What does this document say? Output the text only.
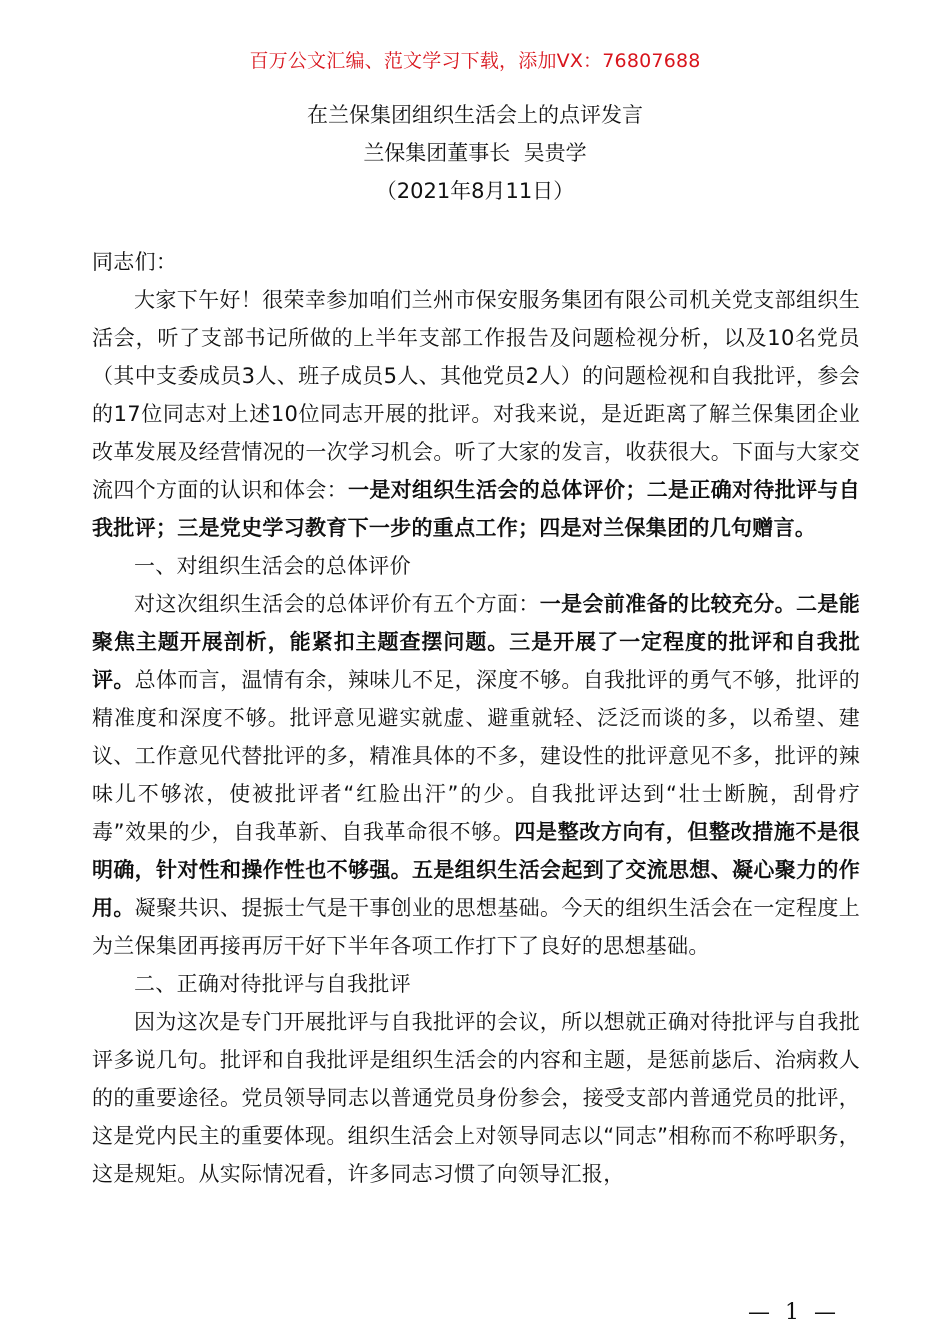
百万公文汇编、范文学习下载，添加VX：76807688
在兰保集团组织生活会上的点评发言
兰保集团董事长  吴贵学
（2021年8月11日）

同志们：

大家下午好！很荣幸参加咱们兰州市保安服务集团有限公司机关党支部组织生活会，听了支部书记所做的上半年支部工作报告及问题检视分析，以及10名党员（其中支委成员3人、班子成员5人、其他党员2人）的问题检视和自我批评，参会的17位同志对上述10位同志开展的批评。对我来说，是近距离了解兰保集团企业改革发展及经营情况的一次学习机会。听了大家的发言，收获很大。下面与大家交流四个方面的认识和体会：一是对组织生活会的总体评价；二是正确对待批评与自我批评；三是党史学习教育下一步的重点工作；四是对兰保集团的几句赠言。

一、对组织生活会的总体评价

对这次组织生活会的总体评价有五个方面：一是会前准备的比较充分。二是能聚焦主题开展剖析，能紧扣主题查摆问题。三是开展了一定程度的批评和自我批评。总体而言，温情有余，辣味儿不足，深度不够。自我批评的勇气不够，批评的精准度和深度不够。批评意见避实就虚、避重就轻、泛泛而谈的多，以希望、建议、工作意见代替批评的多，精准具体的不多，建设性的批评意见不多，批评的辣味儿不够浓，使被批评者“红脸出汗”的少。自我批评达到“壮士断腕，刮骨疗毒”效果的少，自我革新、自我革命很不够。四是整改方向有，但整改措施不是很明确，针对性和操作性也不够强。五是组织生活会起到了交流思想、凝心聚力的作用。凝聚共识、提振士气是干事创业的思想基础。今天的组织生活会在一定程度上为兰保集团再接再厉干好下半年各项工作打下了良好的思想基础。

二、正确对待批评与自我批评

因为这次是专门开展批评与自我批评的会议，所以想就正确对待批评与自我批评多说几句。批评和自我批评是组织生活会的内容和主题，是惩前毖后、治病救人的的重要途径。党员领导同志以普通党员身份参会，接受支部内普通党员的批评，这是党内民主的重要体现。组织生活会上对领导同志以“同志”相称而不称呼职务，这是规矩。从实际情况看，许多同志习惯了向领导汇报，

— 1 —
